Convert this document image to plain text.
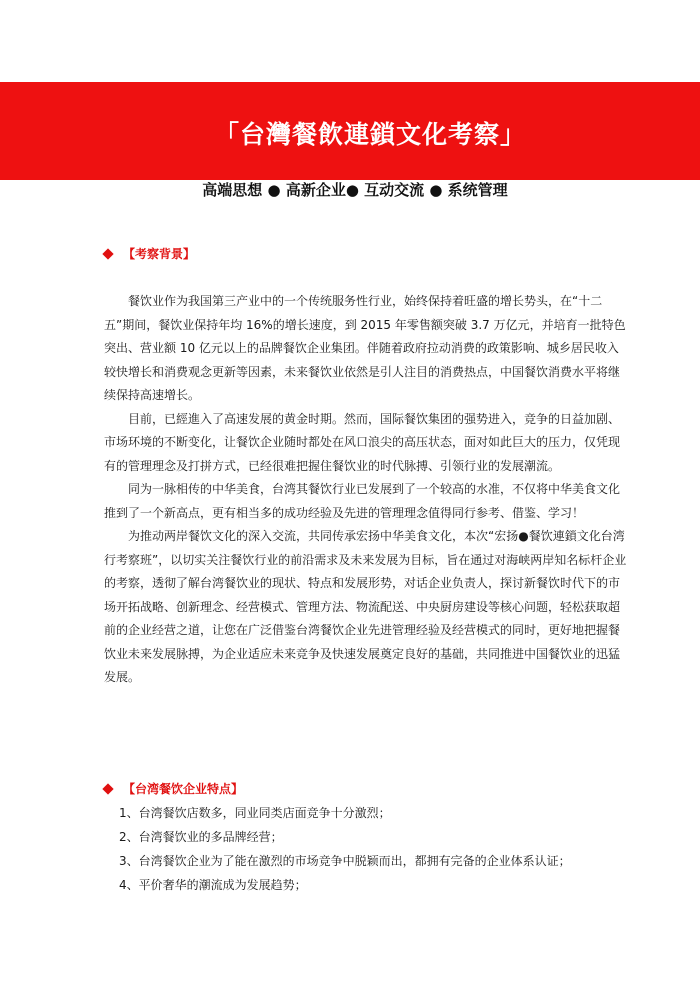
「台灣餐飲連鎖文化考察」
高端思想 ● 高新企业● 互动交流 ● 系统管理
【考察背景】

餐饮业作为我国第三产业中的一个传统服务性行业，始终保持着旺盛的增长势头，在“十二五”期间，餐饮业保持年均 16%的增长速度，到 2015 年零售额突破 3.7 万亿元，并培育一批特色突出、营业额 10 亿元以上的品牌餐饮企业集团。伴随着政府拉动消费的政策影响、城乡居民收入较快增长和消费观念更新等因素，未来餐饮业依然是引人注目的消费热点，中国餐饮消费水平将继续保持高速增长。

目前，已經進入了高速发展的黄金时期。然而，国际餐饮集团的强势进入，竞争的日益加剧、市场环境的不断变化，让餐饮企业随时都处在风口浪尖的高压状态，面对如此巨大的压力，仅凭现有的管理理念及打拼方式，已经很难把握住餐饮业的时代脉搏、引领行业的发展潮流。

同为一脉相传的中华美食，台湾其餐饮行业已发展到了一个较高的水准，不仅将中华美食文化推到了一个新高点，更有相当多的成功经验及先进的管理理念值得同行参考、借鉴、学习！

为推动两岸餐饮文化的深入交流，共同传承宏扬中华美食文化，本次“宏扬●餐饮連鎖文化台湾行考察班”，以切实关注餐饮行业的前沿需求及未来发展为目标，旨在通过对海峡两岸知名标杆企业的考察，透彻了解台湾餐饮业的现状、特点和发展形势，对话企业负责人，探讨新餐饮时代下的市场开拓战略、创新理念、经营模式、管理方法、物流配送、中央厨房建设等核心问题，轻松获取超前的企业经营之道，让您在广泛借鉴台湾餐饮企业先进管理经验及经营模式的同时，更好地把握餐饮业未来发展脉搏，为企业适应未来竞争及快速发展奠定良好的基础，共同推进中国餐饮业的迅猛发展。

【台湾餐饮企业特点】
1、台湾餐饮店数多，同业同类店面竞争十分激烈；
2、台湾餐饮业的多品牌经营；
3、台湾餐饮企业为了能在激烈的市场竞争中脱颖而出，都拥有完备的企业体系认证；
4、平价奢华的潮流成为发展趋势；
